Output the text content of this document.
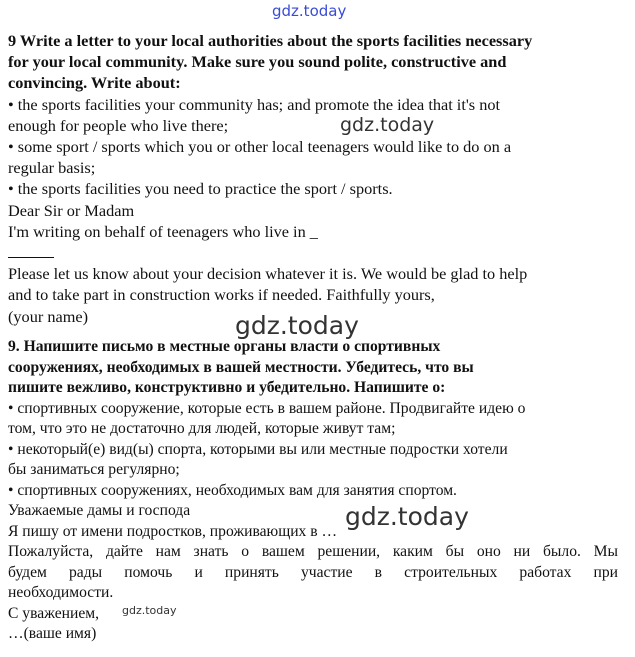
gdz.today
gdz.today
gdz.today
gdz.today
gdz.today

9 Write a letter to your local authorities about the sports facilities necessary

for your local community. Make sure you sound polite, constructive and

convincing. Write about:

• the sports facilities your community has; and promote the idea that it's not

enough for people who live there;

• some sport / sports which you or other local teenagers would like to do on a

regular basis;

• the sports facilities you need to practice the sport / sports.

Dear Sir or Madam

I'm writing on behalf of teenagers who live in _

Please let us know about your decision whatever it is. We would be glad to help

and to take part in construction works if needed. Faithfully yours,

(your name)

9. Напишите письмо в местные органы власти о спортивных

сооружениях, необходимых в вашей местности. Убедитесь, что вы

пишите вежливо, конструктивно и убедительно. Напишите о:

• спортивных сооружение, которые есть в вашем районе. Продвигайте идею о

том, что это не достаточно для людей, которые живут там;

• некоторый(е) вид(ы) спорта, которыми вы или местные подростки хотели

бы заниматься регулярно;

• спортивных сооружениях, необходимых вам для занятия спортом.

Уважаемые дамы и господа

Я пишу от имени подростков, проживающих в …

Пожалуйста, дайте нам знать о вашем решении, каким бы оно ни было. Мы

будем рады помочь и принять участие в строительных работах при

необходимости.

С уважением,

…(ваше имя)
